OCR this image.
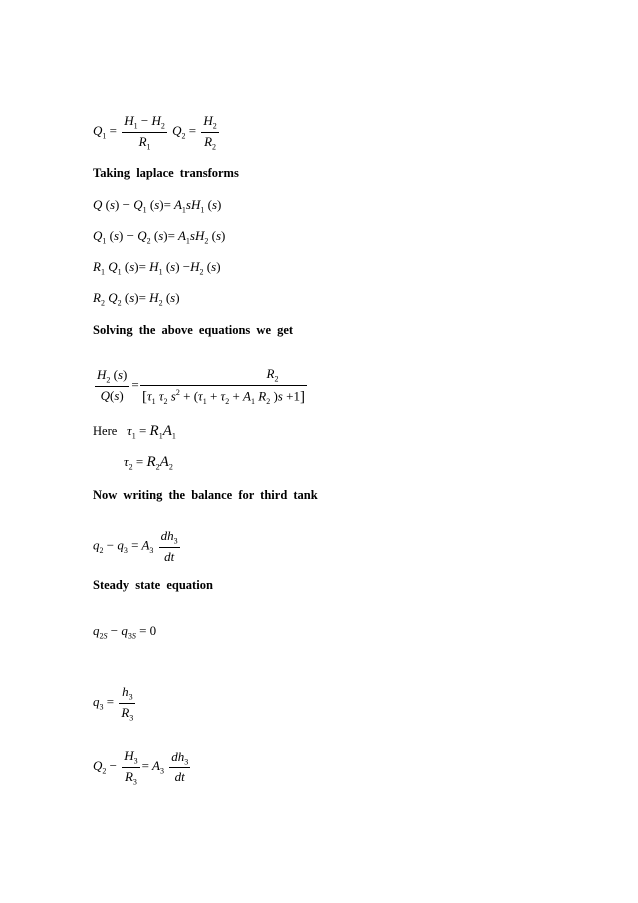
$Q_1 = \frac{H_1 - H_2}{R_1} Q_2 = \frac{H_2}{R_2}$
Taking laplace transforms
Q $(s) - Q_1$ $(s)= A_1sH_1$ (s)
$Q_1$ $(s) - Q_2$ $(s)= A_1sH_2$ (s)
$R_1$ $Q_1$ $(s)= H_1$ $(s) -H_2$ (s)
$R_2$ $Q_2$ $(s)= H_2$ (s)
Solving the above equations we get
$\frac{H_2 (s)}{Q(s)} = \frac{R_2}{[\tau_1 \tau_2 s^2 + (\tau_1 + \tau_2 + A_1 R_2 )s +1]}$
Here   $\tau_1 = R_1A_1$
$\tau_2 = R_2A_2$
Now writing the balance for third tank
$q_2 - q_3 = A_3 \frac{dh_3}{dt}$
Steady state equation
$q_{2S} - q_{3S} = 0$
$q_3 = \frac{h_3}{R_3}$
$Q_2 - \frac{H_3}{R_3} = A_3 \frac{dh_3}{dt}$
